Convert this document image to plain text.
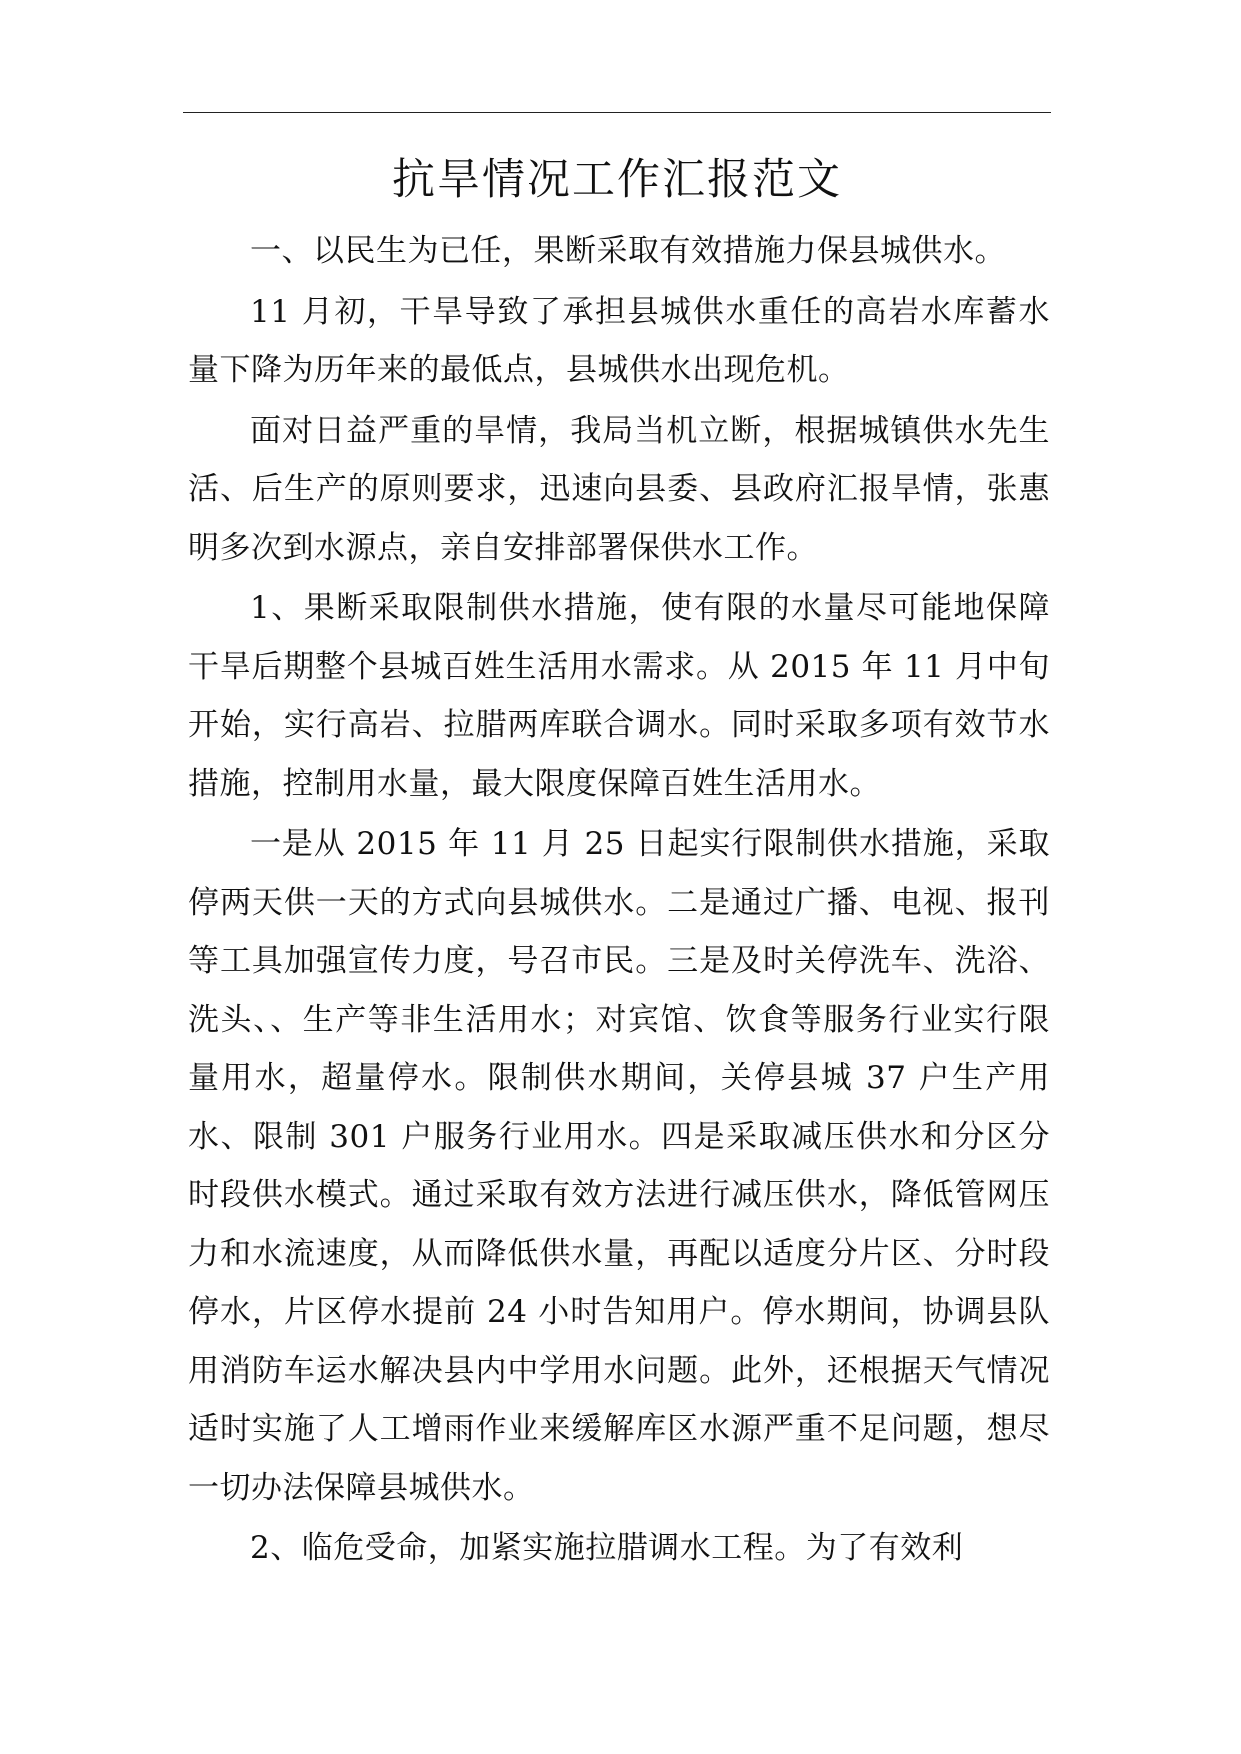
抗旱情况工作汇报范文

一、以民生为已任，果断采取有效措施力保县城供水。

11 月初，干旱导致了承担县城供水重任的高岩水库蓄水量下降为历年来的最低点，县城供水出现危机。

面对日益严重的旱情，我局当机立断，根据城镇供水先生活、后生产的原则要求，迅速向县委、县政府汇报旱情，张惠明多次到水源点，亲自安排部署保供水工作。

1、果断采取限制供水措施，使有限的水量尽可能地保障干旱后期整个县城百姓生活用水需求。从 2015 年 11 月中旬开始，实行高岩、拉腊两库联合调水。同时采取多项有效节水措施，控制用水量，最大限度保障百姓生活用水。

一是从 2015 年 11 月 25 日起实行限制供水措施，采取停两天供一天的方式向县城供水。二是通过广播、电视、报刊等工具加强宣传力度，号召市民。三是及时关停洗车、洗浴、洗头、、生产等非生活用水；对宾馆、饮食等服务行业实行限量用水，超量停水。限制供水期间，关停县城 37 户生产用水、限制 301 户服务行业用水。四是采取减压供水和分区分时段供水模式。通过采取有效方法进行减压供水，降低管网压力和水流速度，从而降低供水量，再配以适度分片区、分时段停水，片区停水提前 24 小时告知用户。停水期间，协调县队用消防车运水解决县内中学用水问题。此外，还根据天气情况适时实施了人工增雨作业来缓解库区水源严重不足问题，想尽一切办法保障县城供水。

2、临危受命，加紧实施拉腊调水工程。为了有效利
